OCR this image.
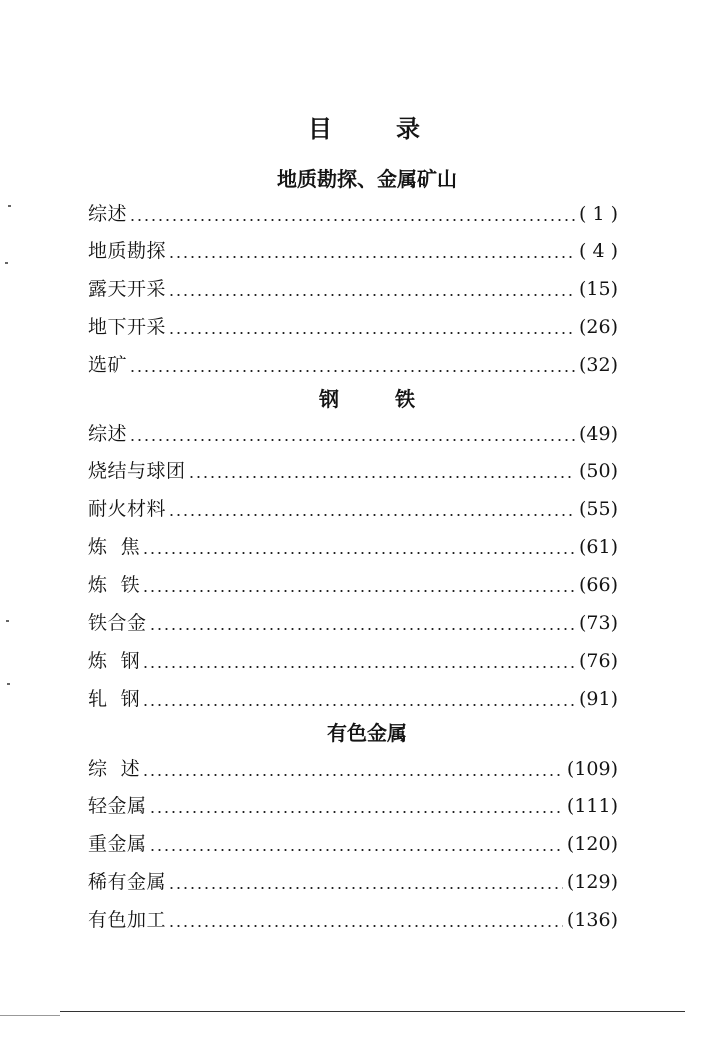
目	录
地质勘探、金属矿山
综述	( 1 )
地质勘探	( 4 )
露天开采	(15)
地下开采	(26)
选矿	(32)
钢	铁
综述	(49)
烧结与球团	(50)
耐火材料	(55)
炼  焦	(61)
炼  铁	(66)
铁合金	(73)
炼  钢	(76)
轧  钢	(91)
有色金属
综  述	(109)
轻金属	(111)
重金属	(120)
稀有金属	(129)
有色加工	(136)
